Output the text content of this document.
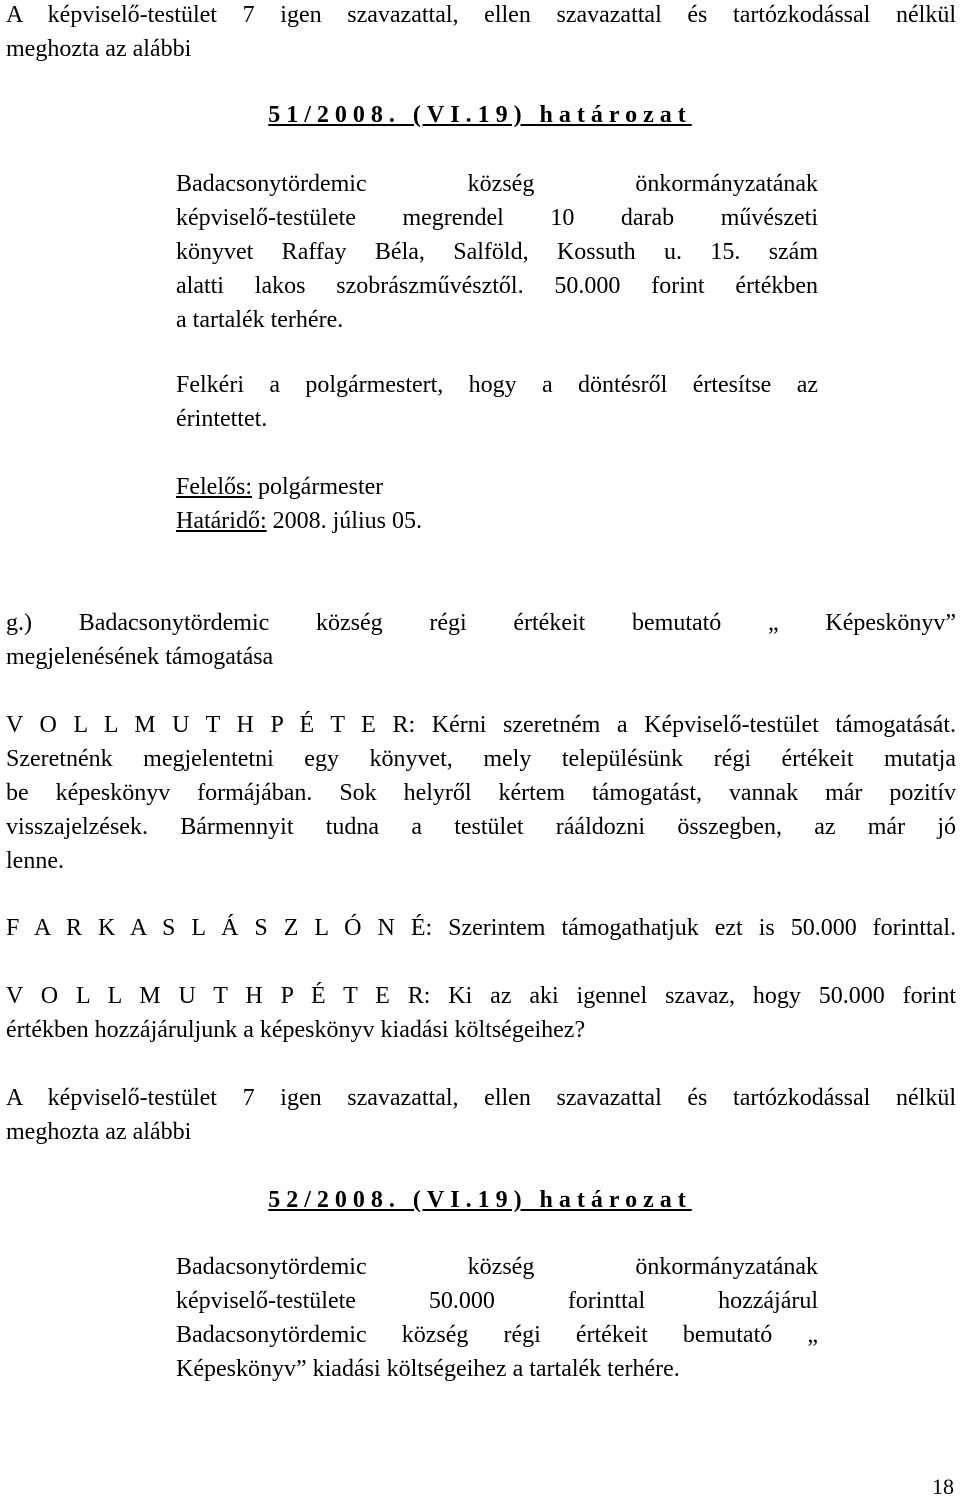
A képviselő-testület 7 igen szavazattal, ellen szavazattal és tartózkodással nélkül
meghozta az alábbi
51/2008. (VI.19) határozat
Badacsonytördemic község önkormányzatának
képviselő-testülete megrendel 10 darab művészeti
könyvet Raffay Béla, Salföld, Kossuth u. 15. szám
alatti lakos szobrászművésztől. 50.000 forint értékben
a tartalék terhére.
Felkéri a polgármestert, hogy a döntésről értesítse az
érintettet.
Felelős: polgármester
Határidő: 2008. július 05.
g.) Badacsonytördemic község régi értékeit bemutató „ Képeskönyv”
megjelenésének támogatása
V O L L M U T H P É T E R: Kérni szeretném a Képviselő-testület támogatását.
Szeretnénk megjelentetni egy könyvet, mely településünk régi értékeit mutatja
be képeskönyv formájában. Sok helyről kértem támogatást, vannak már pozitív
visszajelzések. Bármennyit tudna a testület rááldozni összegben, az már jó
lenne.
F A R K A S L Á S Z L Ó N É: Szerintem támogathatjuk ezt is 50.000 forinttal.
V O L L M U T H P É T E R: Ki az aki igennel szavaz, hogy 50.000 forint
értékben hozzájáruljunk a képeskönyv kiadási költségeihez?
A képviselő-testület 7 igen szavazattal, ellen szavazattal és tartózkodással nélkül
meghozta az alábbi
52/2008. (VI.19) határozat
Badacsonytördemic község önkormányzatának
képviselő-testülete 50.000 forinttal hozzájárul
Badacsonytördemic község régi értékeit bemutató „
Képeskönyv” kiadási költségeihez a tartalék terhére.
18
